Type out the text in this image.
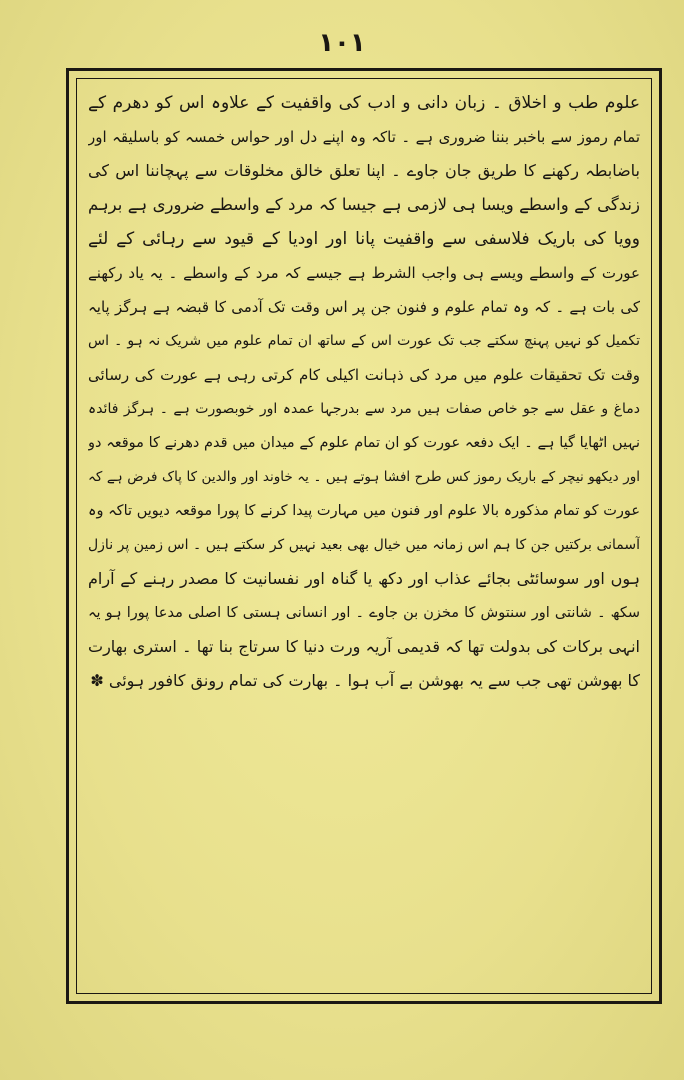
۱۰۱
علوم طب و اخلاق ۔ زبان دانی و ادب کی واقفیت کے علاوہ اس کو دھرم کے
تمام رموز سے باخبر بننا ضروری ہے ۔ تاکہ وہ اپنے دل اور حواس خمسہ کو باسلیقہ اور
باضابطہ رکھنے کا طریق جان جاوے ۔ اپنا تعلق خالق مخلوقات سے پہچاننا اس کی
زندگی کے واسطے ویسا ہی لازمی ہے جیسا کہ مرد کے واسطے ضروری ہے برہم
وویا کی باریک فلاسفی سے واقفیت پانا اور اودیا کے قیود سے رہائی کے لئے
عورت کے واسطے ویسے ہی واجب الشرط ہے جیسے کہ مرد کے واسطے ۔ یہ یاد رکھنے
کی بات ہے ۔ کہ وہ تمام علوم و فنون جن پر اس وقت تک آدمی کا قبضہ ہے ہرگز پایہ
تکمیل کو نہیں پہنچ سکتے جب تک عورت اس کے ساتھ ان تمام علوم میں شریک نہ ہو ۔ اس
وقت تک تحقیقات علوم میں مرد کی ذہانت اکیلی کام کرتی رہی ہے عورت کی رسائی
دماغ و عقل سے جو خاص صفات ہیں مرد سے بدرجہا عمدہ اور خوبصورت ہے ۔ ہرگز فائدہ
نہیں اٹھایا گیا ہے ۔ ایک دفعہ عورت کو ان تمام علوم کے میدان میں قدم دھرنے کا موقعہ دو
اور دیکھو نیچر کے باریک رموز کس طرح افشا ہوتے ہیں ۔ یہ خاوند اور والدین کا پاک فرض ہے کہ
عورت کو تمام مذکورہ بالا علوم اور فنون میں مہارت پیدا کرنے کا پورا موقعہ دیویں تاکہ وہ
آسمانی برکتیں جن کا ہم اس زمانہ میں خیال بھی بعید نہیں کر سکتے ہیں ۔ اس زمین پر نازل
ہوں اور سوسائٹی بجائے عذاب اور دکھ یا گناہ اور نفسانیت کا مصدر رہنے کے آرام
سکھ ۔ شانتی اور سنتوش کا مخزن بن جاوے ۔ اور انسانی ہستی کا اصلی مدعا پورا ہو یہ
انہی برکات کی بدولت تھا کہ قدیمی آریہ ورت دنیا کا سرتاج بنا تھا ۔ استری بھارت
کا بھوشن تھی جب سے یہ بھوشن بے آب ہوا ۔ بھارت کی تمام رونق کافور ہوئی ✽
